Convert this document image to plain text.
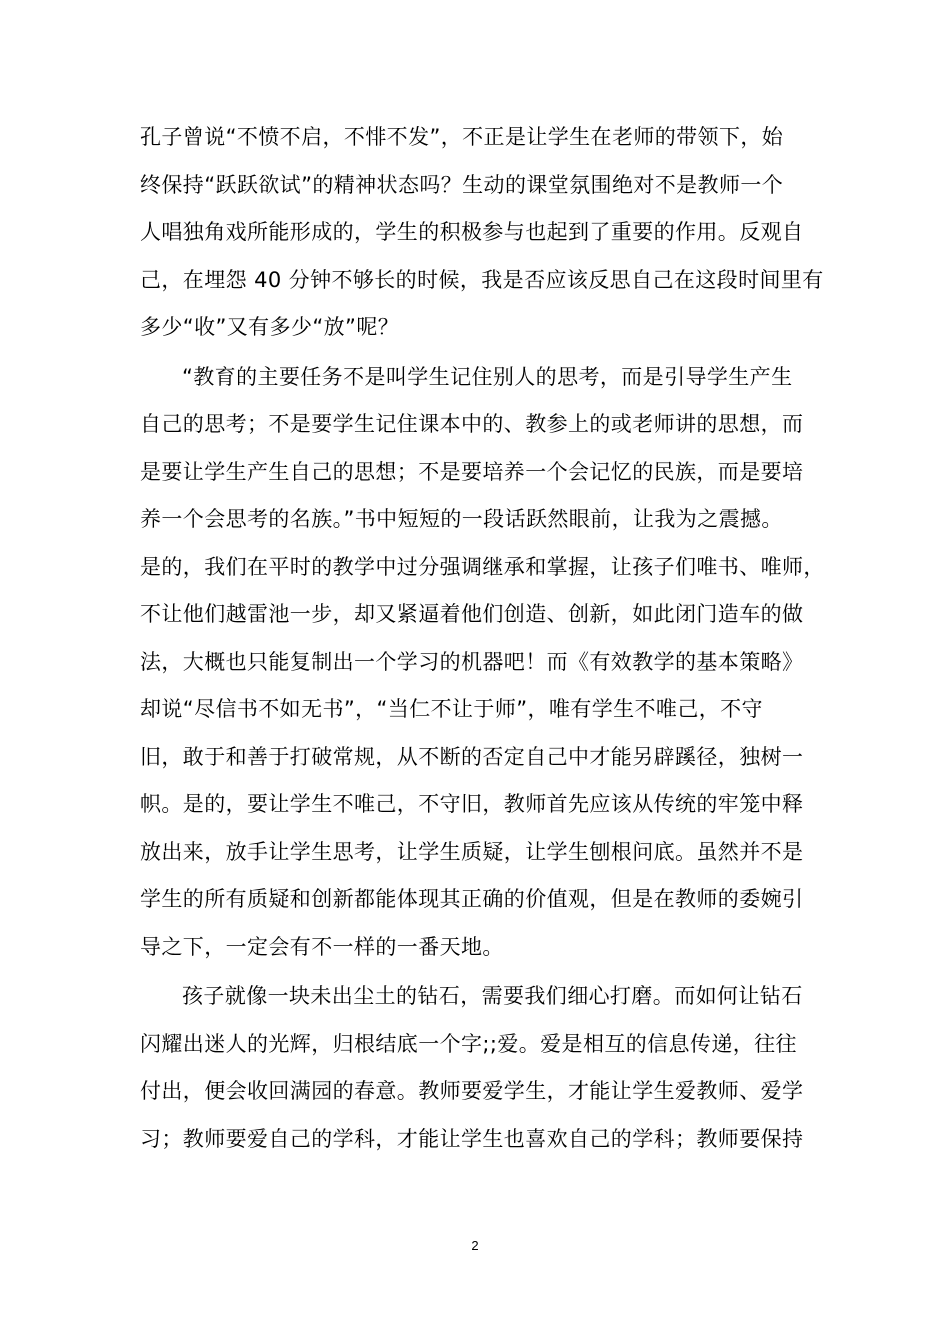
孔子曾说“不愤不启，不悱不发”，不正是让学生在老师的带领下，始
终保持“跃跃欲试”的精神状态吗？生动的课堂氛围绝对不是教师一个
人唱独角戏所能形成的，学生的积极参与也起到了重要的作用。反观自
己，在埋怨 40 分钟不够长的时候，我是否应该反思自己在这段时间里有
多少“收”又有多少“放”呢？
“教育的主要任务不是叫学生记住别人的思考，而是引导学生产生
自己的思考；不是要学生记住课本中的、教参上的或老师讲的思想，而
是要让学生产生自己的思想；不是要培养一个会记忆的民族，而是要培
养一个会思考的名族。”书中短短的一段话跃然眼前，让我为之震撼。
是的，我们在平时的教学中过分强调继承和掌握，让孩子们唯书、唯师，
不让他们越雷池一步，却又紧逼着他们创造、创新，如此闭门造车的做
法，大概也只能复制出一个学习的机器吧！而《有效教学的基本策略》
却说“尽信书不如无书”，“当仁不让于师”，唯有学生不唯己，不守
旧，敢于和善于打破常规，从不断的否定自己中才能另辟蹊径，独树一
帜。是的，要让学生不唯己，不守旧，教师首先应该从传统的牢笼中释
放出来，放手让学生思考，让学生质疑，让学生刨根问底。虽然并不是
学生的所有质疑和创新都能体现其正确的价值观，但是在教师的委婉引
导之下，一定会有不一样的一番天地。
孩子就像一块未出尘土的钻石，需要我们细心打磨。而如何让钻石
闪耀出迷人的光辉，归根结底一个字;;爱。爱是相互的信息传递，往往
付出，便会收回满园的春意。教师要爱学生，才能让学生爱教师、爱学
习；教师要爱自己的学科，才能让学生也喜欢自己的学科；教师要保持
2
